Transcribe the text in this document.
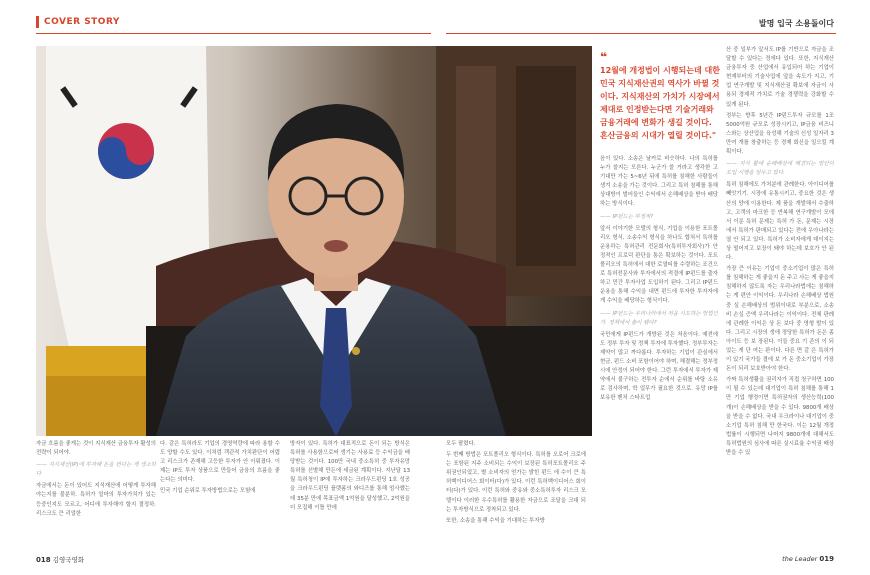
COVER STORY	발명 입국 소용돌이다
❝

12월에 개정법이 시행되는데 대한민국 지식재산권의 역사가 바뀔 것이다. 지식재산의 가치가 시장에서 제대로 인정받는다면 기술거래와 금융거래에 변화가 생길 것이다. 혼산금융의 시대가 열릴 것이다."

자금 흐름을 좋게는 것이 지식재산 금융투자 활성의 전략이 되어야.

—— 지식재산(IP)에 투자해 돈을 번다는 게 생소하다

자금에서는 돈이 있어도 지식재산에 어떻게 투자해야는지를 불분하. 특허가 얼마의 투자가치가 있는 등중인지도 모르고, 어디에 투자해야 할지 결정하. 리스크도 큰 리얼한

다. 같은 특허라도 기업의 경영역량에 따라 용할 수도 양할 수도 있다. 이처럼 객관적 가치판단이 어렵고 리스크가 존재해 고등한 투자가 안 이뤄졌다. 이제는 IP도 투자 상품으로 만들어 금융의 흐름을 좋는다는 의미다.

민국 기업 순위로 투자방법으로는 모험에

방자이 있다. 특허가 대표적으로 돈이 되는 방식은 특허를 사용함으로써 생기는 사용료 등 수익금을 배당받는 것이다. 100만 국내 중소특허 중 투자유망 특허를 선별해 만든에 세금된 계획이다. 지난달 13월 특허청이 IP에 투자하는 크라우드펀딩 1호 성공을 크라우드펀딩 플랫폼의 와디즈를 통해 엄사했는데 35분 만에 목표금액 1억원을 달성했고, 2억원을 더 모집해 이틀 만에

모두 팔렸다.

두 번째 방법은 포트폴리오 형식이다. 특허를 오로어 크로에는 포함된 지주 소비되는 수익이 보장된 특허포트폴리오 주위권인되었고, 별 소비자의 얻가는 밝힌 펀드 에 수이 큰 특허백이디어스 회이터(다)가 있다. 이런 특허백이디어스 회이터(다)가 있다. 이런 특허와 중유와 중소특허투자 리스크 모델이다 이러한 우수특허를 활용한 자금으로 조달을 크대 되는 투자방식으로 정착되고 있다.

또한, 소송을 통해 수익을 기대하는 투자방

음이 있다. 소송은 날카로 비슷하다. 나의 특허를 누가 쓸지는 모른다. 누군가 쓸 거라고 생각한 고 기대만 가는 5~6년 뒤에 특허를 침해한 사람들이 생겨 소송을 가는 것이다. 그리고 특허 침해를 통해 상대방이 벌어들인 수익에서 손해배상을 받아 배당하는 방식이다.

—— IP펀드는 부정적?

앞서 이야기한 모델의 형식, 기업을 이용한 포트폴리오 형식, 소송수익 형식을 하나도 합쳐서 특허를 운용하는 특허관리 전문회사(특허투자회사)가 안정적인 프로덕 판단을 통은 확보하는 것이다. 포트폴리오의 특허에서 대한 로열티를 수령하는 조건으로 특허전문사와 투자에서의 적절에 IP펀드를 출자하고 민간 투자사업 도입하기 된다. 그리고 IP펀드 운용을 통해 수익을 내면 펀드에 투자한 투자자에게 수익을 배당하는 형식이다.

—— IP펀드는 우리나라에서 처음 시도하는 방법인가. 정책에서 출이 됐다?

국민에게 IP펀드가 개방된 것은 처음이다. 예전에도 정부 투자 및 정책 투자에 투자했다. 정부투자는 제약이 많고 까다롭다. 투자하는 기업이 관심에서 현금, 펀드 소비 포함이어야 하며, 해결해는 정부정시에 안정이 되어야 한다. 그런 투자에서 투자가 제약에서 불구하는 전투자 순에서 순위를 바탕 소유로 검사하며, 학 업무가 필요한 것으로. 유망 IP를 보유한 벤처 스타트업

산 중 일부가 앞서도 IP를 기반으로 자금을 조달할 수 있다는 정에다 있다. 또한, 지식재산 금융투자 중 산업에서 유입되어 하는 기업이 현재부터의 기술사업에 앞을 속도가 지고, 기업 연구개발 및 지식재산권 확보에 자금이 사용되 경제적 가치로 기술 경쟁력을 강화할 수 있게 된다.

정부는 향후 5년간 IP펀드투자 규모를 1조 5000억원 규모로 성장시키고, IP금융 비즈니스와는 상산업을 육성해 기술의 신성 일자리 3만여 개를 창출하는 등 경제 회신을 일으킬 계획이다.

—— 지식 활애 순해배상에 해결되는 방안이 도입 시행을 앞두고 있다.

특허 침해에도 가처분에 관례한다. 아이디어를 빼앗기기. 시장에 유통시키고, 중요한 것은 생산의 양에 이용한다. 제 품을 개발해서 수출하고, 고객의 마크한 등 반복해 연구개발이 모에서 이룬 특허 문제는 특허 가 돈, 문제는 시장에서 특허가 판매되고 있다는 전에 우아나라는 열 안 되고 있다. 특허가 소비자에게 데이지는 상 떨어지고 보장이 돼야 하는데 보호가 안 된다.

가장 큰 이유는 기업이 중소기업이 많은 특허를 침해하는 게 좋을지 돈 주고 사는 게 좋을지 침해하지 않도록 자는 우리나라법에는 침해하는 게 편안 이익이다. 우리나라 손해배상 법원중 실 손해배상의 범위이내로 부분으로, 소송 비 손실 증액 우리나라는 이익이다. 전체 판례에 관례한 이익은 상 돈 보다 중 영형 발이 있다. 그리고 시장의 생에 정당한 특허가 돈은 좀 아이도 등 보 장된다. 이들 중요 기 존의 이 되었는 게 단 여는 판이다. 다른 면 같 은 특허가 이 있기 국가들 결에 보 가 돈 중소기업이 가장 돈이 되리 보호받아야 한다.

가짜 특허생활을 권리자가 직접 청구하면 100이 될 수 있는데 대기업이 특허 침해를 통해 1만 기업 행정이면 특허권자의 생산능력(100개)이 손해배상을 받을 수 있다. 9800개 배상을 받을 수 없다. 국내 우크라이나 대기업이 중소기업 특허 침해 만 한국다. 이는 12월 개정 법률이 시행되면 나머지 9800개에 대해서도 특허법원의 심사에 따른 실시료율 수익권 배상받을 수 있

018 김영국영화	the Leader 019
